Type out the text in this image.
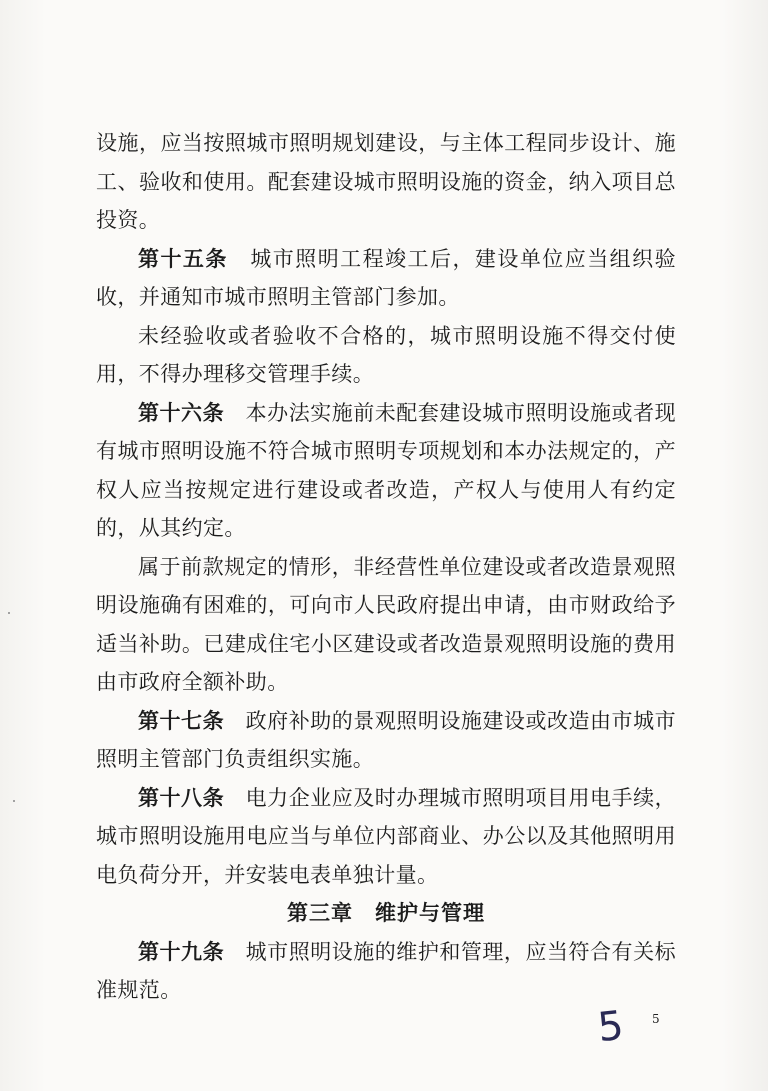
设施，应当按照城市照明规划建设，与主体工程同步设计、施工、验收和使用。配套建设城市照明设施的资金，纳入项目总投资。

第十五条　 城市照明工程竣工后，建设单位应当组织验收，并通知市城市照明主管部门参加。

未经验收或者验收不合格的，城市照明设施不得交付使用，不得办理移交管理手续。

第十六条　 本办法实施前未配套建设城市照明设施或者现有城市照明设施不符合城市照明专项规划和本办法规定的，产权人应当按规定进行建设或者改造，产权人与使用人有约定的，从其约定。

属于前款规定的情形，非经营性单位建设或者改造景观照明设施确有困难的，可向市人民政府提出申请，由市财政给予适当补助。已建成住宅小区建设或者改造景观照明设施的费用由市政府全额补助。

第十七条　 政府补助的景观照明设施建设或改造由市城市照明主管部门负责组织实施。

第十八条　 电力企业应及时办理城市照明项目用电手续，城市照明设施用电应当与单位内部商业、办公以及其他照明用电负荷分开，并安装电表单独计量。

第三章　维护与管理

第十九条　 城市照明设施的维护和管理，应当符合有关标准规范。

5 5
